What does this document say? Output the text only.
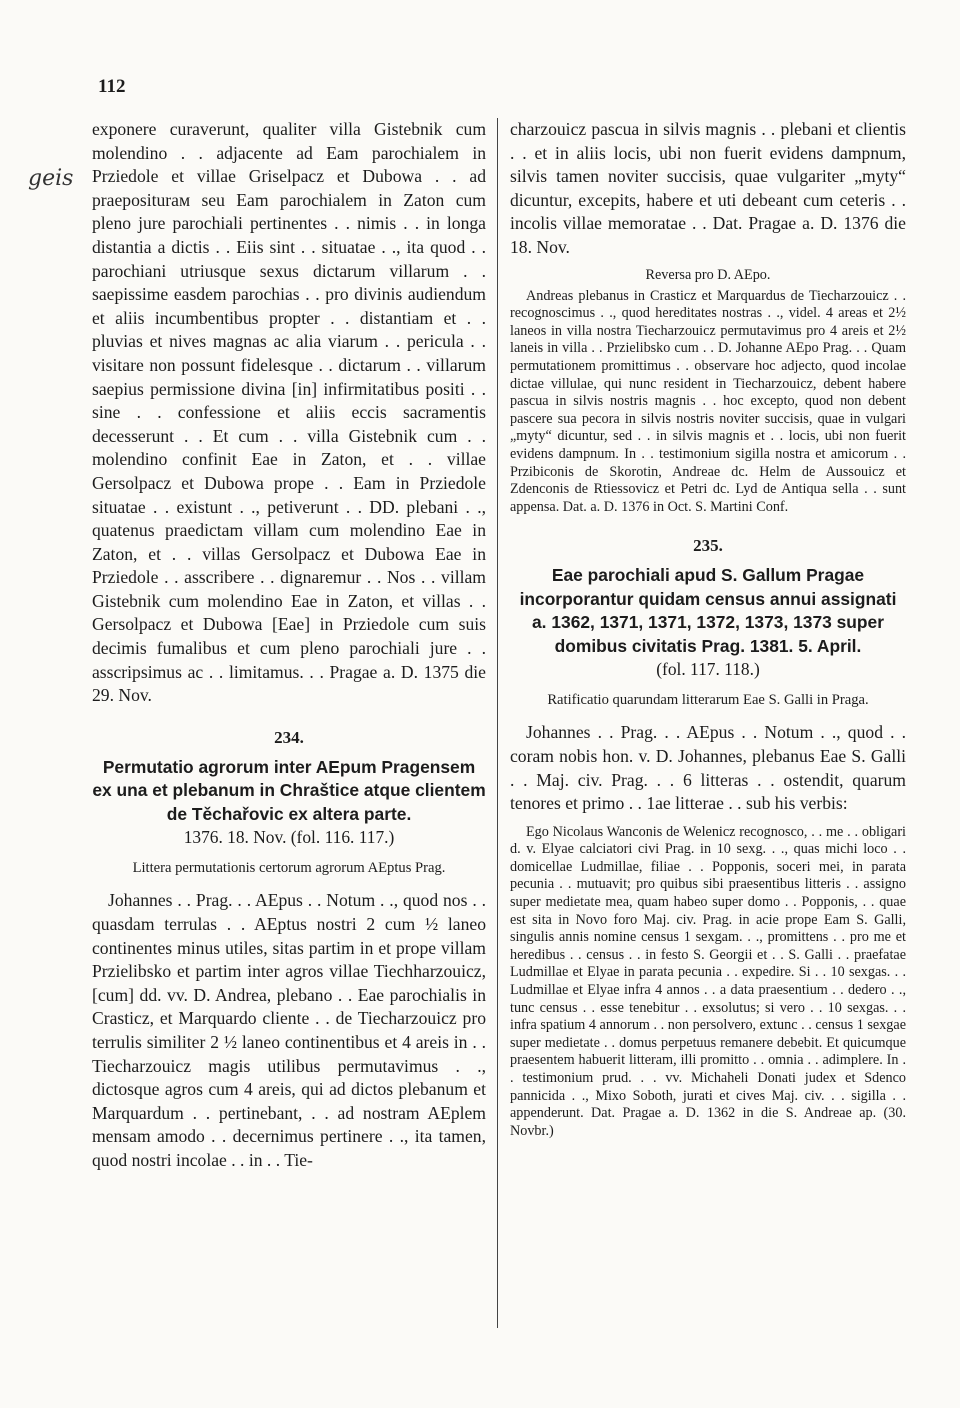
112
geis

exponere curaverunt, qualiter villa Gistebnik cum molendino . . adjacente ad Eam parochialem in Prziedole et villae Griselpacz et Dubowa . . ad praepositurам seu Eam parochialem in Zaton cum pleno jure parochiali pertinentes . . nimis . . in longa distantia a dictis . . Eiis sint . . situatae . ., ita quod . . parochiani utriusque sexus dictarum villarum . . saepissime easdem parochias . . pro divinis audiendum et aliis incumbentibus propter . . distantiam et . . pluvias et nives magnas ac alia viarum . . pericula . . visitare non possunt fidelesque . . dictarum . . villarum saepius permissione divina [in] infirmitatibus positi . . sine . . confessione et aliis eccis sacramentis decesserunt . . Et cum . . villa Gistebnik cum . . molendino confinit Eae in Zaton, et . . villae Gersolpacz et Dubowa prope . . Eam in Prziedole situatae . . existunt . ., petiverunt . . DD. plebani . ., quatenus praedictam villam cum molendino Eae in Zaton, et . . villas Gersolpacz et Dubowa Eae in Prziedole . . asscribere . . dignaremur . . Nos . . villam Gistebnik cum molendino Eae in Zaton, et villas . . Gersolpacz et Dubowa [Eae] in Prziedole cum suis decimis fumalibus et cum pleno parochiali jure . . asscripsimus ac . . limitamus. . . Pragae a. D. 1375 die 29. Nov.

234.
Permutatio agrorum inter AEpum Pragensem ex una et plebanum in Chrаštice atque clientem de Těchařovic ex altera parte.
1376. 18. Nov. (fol. 116. 117.)
Littera permutationis certorum agrorum AEptus Prag.

Johannes . . Prag. . . AEpus . . Notum . ., quod nos . . quasdam terrulas . . AEptus nostri 2 cum ½ laneo continentes minus utiles, sitas partim in et prope villam Przielibsko et partim inter agros villae Tiechharzouicz, [cum] dd. vv. D. Andrea, plebano . . Eae parochialis in Crasticz, et Marquardo cliente . . de Tiecharzouicz pro terrulis similiter 2 ½ laneo continentibus et 4 areis in . . Tiecharzouicz magis utilibus permutavimus . ., dictosque agros cum 4 areis, qui ad dictos plebanum et Marquardum . . pertinebant, . . ad nostram AEplem mensam amodo . . decernimus pertinere . ., ita tamen, quod nostri incolae . . in . . Tie-

charzouicz pascua in silvis magnis . . plebani et clientis . . et in aliis locis, ubi non fuerit evidens dampnum, silvis tamen noviter succisis, quae vulgariter „myty“ dicuntur, excepits, habere et uti debeant cum ceteris . . incolis villae memoratae . . Dat. Pragae a. D. 1376 die 18. Nov.

Reversa pro D. AEpo.

Andreas plebanus in Crasticz et Marquardus de Tiecharzouicz . . recognoscimus . ., quod hereditates nostras . ., videl. 4 areas et 2½ laneos in villa nostra Tiecharzouicz permutavimus pro 4 areis et 2½ laneis in villa . . Przielibsko cum . . D. Johanne AEpo Prag. . . Quam permutationem promittimus . . observare hoc adjecto, quod incolae dictae villulae, qui nunc resident in Tiecharzouicz, debent habere pascua in silvis nostris magnis . . hoc excepto, quod non debent pascere sua pecora in silvis nostris noviter succisis, quae in vulgari „myty“ dicuntur, sed . . in silvis magnis et . . locis, ubi non fuerit evidens dampnum. In . . testimonium sigilla nostra et amicorum . . Przibiconis de Skorotin, Andreae dc. Helm de Aussouicz et Zdenconis de Rtiessovicz et Petri dc. Lyd de Antiqua sella . . sunt appensa. Dat. a. D. 1376 in Oct. S. Martini Conf.

235.
Eae parochiali apud S. Gallum Pragae incorporantur quidam census annui assignati a. 1362, 1371, 1371, 1372, 1373, 1373 super domibus civitatis Prag. 1381. 5. April.
(fol. 117. 118.)
Ratificatio quarundam litterarum Eae S. Galli in Praga.

Johannes . . Prag. . . AEpus . . Notum . ., quod . . coram nobis hon. v. D. Johannes, plebanus Eae S. Galli . . Maj. civ. Prag. . . 6 litteras . . ostendit, quarum tenores et primo . . 1ae litterae . . sub his verbis:

Ego Nicolaus Wanconis de Welenicz recognosco, . . me . . obligari d. v. Elyae calciatori civi Prag. in 10 sexg. . ., quas michi loco . . domicellae Ludmillae, filiae . . Popponis, soceri mei, in parata pecunia . . mutuavit; pro quibus sibi praesentibus litteris . . assigno super medietate mea, quam habeo super domo . . Popponis, . . quae est sita in Novo foro Maj. civ. Prag. in acie prope Eam S. Galli, singulis annis nomine census 1 sexgam. . ., promittens . . pro me et heredibus . . census . . in festo S. Georgii et . . S. Galli . . praefatae Ludmillae et Elyae in parata pecunia . . expedire. Si . . 10 sexgas. . . Ludmillae et Elyae infra 4 annos . . a data praesentium . . dedero . ., tunc census . . esse tenebitur . . exsolutus; si vero . . 10 sexgas. . . infra spatium 4 annorum . . non persolvero, extunc . . census 1 sexgae super medietate . . domus perpetuus remanere debebit. Et quicumque praesentem habuerit litteram, illi promitto . . omnia . . adimplere. In . . testimonium prud. . . vv. Michaheli Donati judex et Sdenco pannicida . ., Mixo Soboth, jurati et cives Maj. civ. . . sigilla . . appenderunt. Dat. Pragae a. D. 1362 in die S. Andreae ap. (30. Novbr.)
